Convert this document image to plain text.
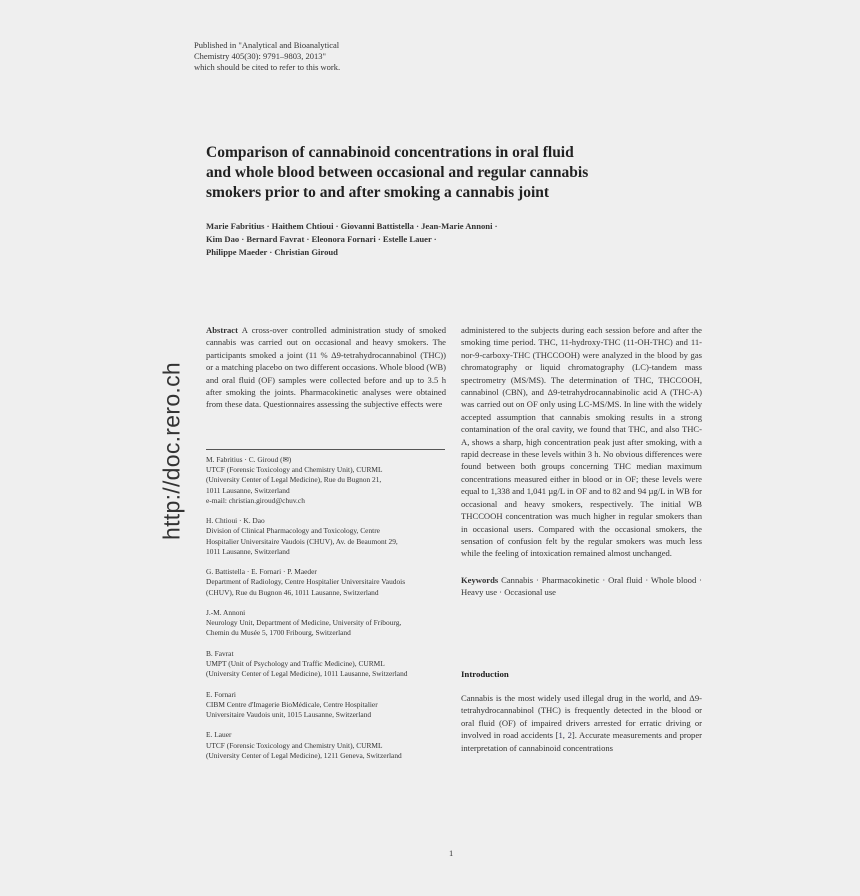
Published in "Analytical and Bioanalytical
Chemistry 405(30): 9791–9803, 2013"
which should be cited to refer to this work.
Comparison of cannabinoid concentrations in oral fluid
and whole blood between occasional and regular cannabis
smokers prior to and after smoking a cannabis joint
Marie Fabritius · Haithem Chtioui · Giovanni Battistella · Jean-Marie Annoni ·
Kim Dao · Bernard Favrat · Eleonora Fornari · Estelle Lauer ·
Philippe Maeder · Christian Giroud
http://doc.rero.ch
Abstract A cross-over controlled administration study of smoked cannabis was carried out on occasional and heavy smokers. The participants smoked a joint (11 % Δ9-tetrahydrocannabinol (THC)) or a matching placebo on two different occasions. Whole blood (WB) and oral fluid (OF) samples were collected before and up to 3.5 h after smoking the joints. Pharmacokinetic analyses were obtained from these data. Questionnaires assessing the subjective effects were
M. Fabritius · C. Giroud (✉)
UTCF (Forensic Toxicology and Chemistry Unit), CURML
(University Center of Legal Medicine), Rue du Bugnon 21,
1011 Lausanne, Switzerland
e-mail: christian.giroud@chuv.ch
H. Chtioui · K. Dao
Division of Clinical Pharmacology and Toxicology, Centre
Hospitalier Universitaire Vaudois (CHUV), Av. de Beaumont 29,
1011 Lausanne, Switzerland
G. Battistella · E. Fornari · P. Maeder
Department of Radiology, Centre Hospitalier Universitaire Vaudois
(CHUV), Rue du Bugnon 46, 1011 Lausanne, Switzerland
J.-M. Annoni
Neurology Unit, Department of Medicine, University of Fribourg,
Chemin du Musée 5, 1700 Fribourg, Switzerland
B. Favrat
UMPT (Unit of Psychology and Traffic Medicine), CURML
(University Center of Legal Medicine), 1011 Lausanne, Switzerland
E. Fornari
CIBM Centre d'Imagerie BioMédicale, Centre Hospitalier
Universitaire Vaudois unit, 1015 Lausanne, Switzerland
E. Lauer
UTCF (Forensic Toxicology and Chemistry Unit), CURML
(University Center of Legal Medicine), 1211 Geneva, Switzerland
administered to the subjects during each session before and after the smoking time period. THC, 11-hydroxy-THC (11-OH-THC) and 11-nor-9-carboxy-THC (THCCOOH) were analyzed in the blood by gas chromatography or liquid chromatography (LC)-tandem mass spectrometry (MS/MS). The determination of THC, THCCOOH, cannabinol (CBN), and Δ9-tetrahydrocannabinolic acid A (THC-A) was carried out on OF only using LC-MS/MS. In line with the widely accepted assumption that cannabis smoking results in a strong contamination of the oral cavity, we found that THC, and also THC-A, shows a sharp, high concentration peak just after smoking, with a rapid decrease in these levels within 3 h. No obvious differences were found between both groups concerning THC median maximum concentrations measured either in blood or in OF; these levels were equal to 1,338 and 1,041 µg/L in OF and to 82 and 94 µg/L in WB for occasional and heavy smokers, respectively. The initial WB THCCOOH concentration was much higher in regular smokers than in occasional users. Compared with the occasional smokers, the sensation of confusion felt by the regular smokers was much less while the feeling of intoxication remained almost unchanged.
Keywords Cannabis · Pharmacokinetic · Oral fluid · Whole blood · Heavy use · Occasional use
Introduction
Cannabis is the most widely used illegal drug in the world, and Δ9-tetrahydrocannabinol (THC) is frequently detected in the blood or oral fluid (OF) of impaired drivers arrested for erratic driving or involved in road accidents [1, 2]. Accurate measurements and proper interpretation of cannabinoid concentrations
1
